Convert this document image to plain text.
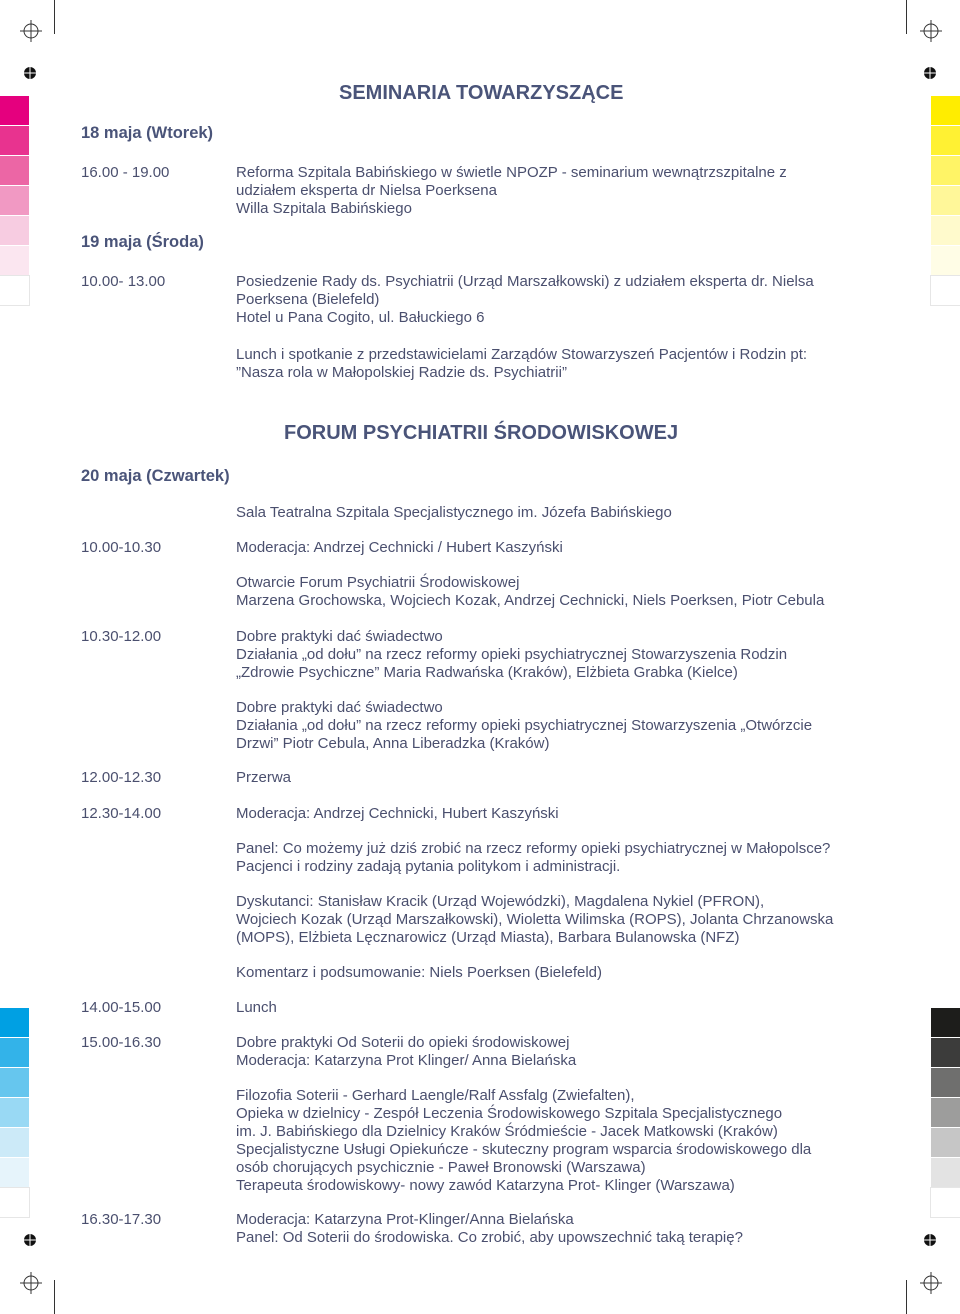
SEMINARIA TOWARZYSZĄCE
18 maja (Wtorek)
16.00 - 19.00	Reforma Szpitala Babińskiego w świetle NPOZP - seminarium wewnątrzszpitalne z
udziałem eksperta dr Nielsa Poerksena
Willa Szpitala Babińskiego
19 maja (Środa)
10.00- 13.00	Posiedzenie Rady ds. Psychiatrii (Urząd Marszałkowski) z udziałem eksperta dr. Nielsa
Poerksena (Bielefeld)
Hotel u Pana Cogito, ul. Bałuckiego 6
Lunch i spotkanie z przedstawicielami Zarządów Stowarzyszeń Pacjentów i Rodzin pt:
”Nasza rola w Małopolskiej Radzie ds. Psychiatrii”
FORUM PSYCHIATRII ŚRODOWISKOWEJ
20 maja (Czwartek)
Sala Teatralna Szpitala Specjalistycznego im. Józefa Babińskiego
10.00-10.30	Moderacja: Andrzej Cechnicki / Hubert Kaszyński
Otwarcie Forum Psychiatrii Środowiskowej
Marzena Grochowska, Wojciech Kozak, Andrzej Cechnicki, Niels Poerksen, Piotr Cebula
10.30-12.00	Dobre praktyki dać świadectwo
Działania „od dołu” na rzecz reformy opieki psychiatrycznej Stowarzyszenia Rodzin
„Zdrowie Psychiczne” Maria Radwańska (Kraków), Elżbieta Grabka (Kielce)
Dobre praktyki dać świadectwo
Działania „od dołu” na rzecz reformy opieki psychiatrycznej Stowarzyszenia „Otwórzcie
Drzwi” Piotr Cebula, Anna Liberadzka (Kraków)
12.00-12.30	Przerwa
12.30-14.00	Moderacja: Andrzej Cechnicki, Hubert Kaszyński
Panel: Co możemy już dziś zrobić na rzecz reformy opieki psychiatrycznej w Małopolsce?
Pacjenci i rodziny zadają pytania politykom i administracji.
Dyskutanci: Stanisław Kracik (Urząd Wojewódzki), Magdalena Nykiel (PFRON),
Wojciech Kozak (Urząd Marszałkowski), Wioletta Wilimska (ROPS), Jolanta Chrzanowska
(MOPS), Elżbieta Lęcznarowicz (Urząd Miasta), Barbara Bulanowska (NFZ)
Komentarz i podsumowanie: Niels Poerksen (Bielefeld)
14.00-15.00	Lunch
15.00-16.30	Dobre praktyki Od Soterii do opieki środowiskowej
Moderacja: Katarzyna Prot Klinger/ Anna Bielańska
Filozofia Soterii - Gerhard Laengle/Ralf Assfalg (Zwiefalten),
Opieka w dzielnicy - Zespół Leczenia Środowiskowego Szpitala Specjalistycznego
im. J. Babińskiego dla Dzielnicy Kraków Śródmieście - Jacek Matkowski (Kraków)
Specjalistyczne Usługi Opiekuńcze - skuteczny program wsparcia środowiskowego dla
osób chorujących psychicznie - Paweł Bronowski (Warszawa)
Terapeuta środowiskowy- nowy zawód Katarzyna Prot- Klinger (Warszawa)
16.30-17.30	Moderacja: Katarzyna Prot-Klinger/Anna Bielańska
Panel: Od Soterii do środowiska. Co zrobić, aby upowszechnić taką terapię?
